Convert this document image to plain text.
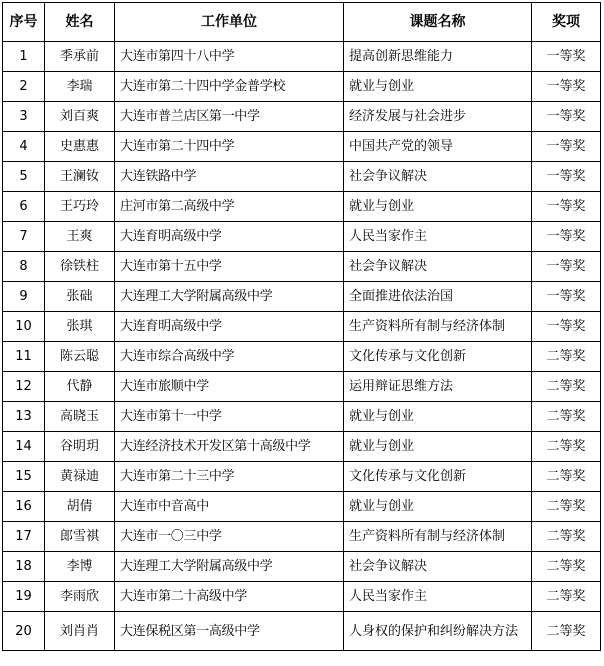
序号	姓名	工作单位	课题名称	奖项
1	季承前	大连市第四十八中学	提高创新思维能力	一等奖
2	李瑞	大连市第二十四中学金普学校	就业与创业	一等奖
3	刘百爽	大连市普兰店区第一中学	经济发展与社会进步	一等奖
4	史惠惠	大连市第二十四中学	中国共产党的领导	一等奖
5	王澜钕	大连铁路中学	社会争议解决	一等奖
6	王巧玲	庄河市第二高级中学	就业与创业	一等奖
7	王爽	大连育明高级中学	人民当家作主	一等奖
8	徐铁柱	大连市第十五中学	社会争议解决	一等奖
9	张础	大连理工大学附属高级中学	全面推进依法治国	一等奖
10	张琪	大连育明高级中学	生产资料所有制与经济体制	一等奖
11	陈云聪	大连市综合高级中学	文化传承与文化创新	二等奖
12	代静	大连市旅顺中学	运用辩证思维方法	二等奖
13	高晓玉	大连市第十一中学	就业与创业	二等奖
14	谷明玥	大连经济技术开发区第十高级中学	就业与创业	二等奖
15	黄禄迪	大连市第二十三中学	文化传承与文化创新	二等奖
16	胡倩	大连市中音高中	就业与创业	二等奖
17	郎雪祺	大连市一〇三中学	生产资料所有制与经济体制	二等奖
18	李博	大连理工大学附属高级中学	社会争议解决	二等奖
19	李雨欣	大连市第二十高级中学	人民当家作主	二等奖
20	刘肖肖	大连保税区第一高级中学	人身权的保护和纠纷解决方法	二等奖
